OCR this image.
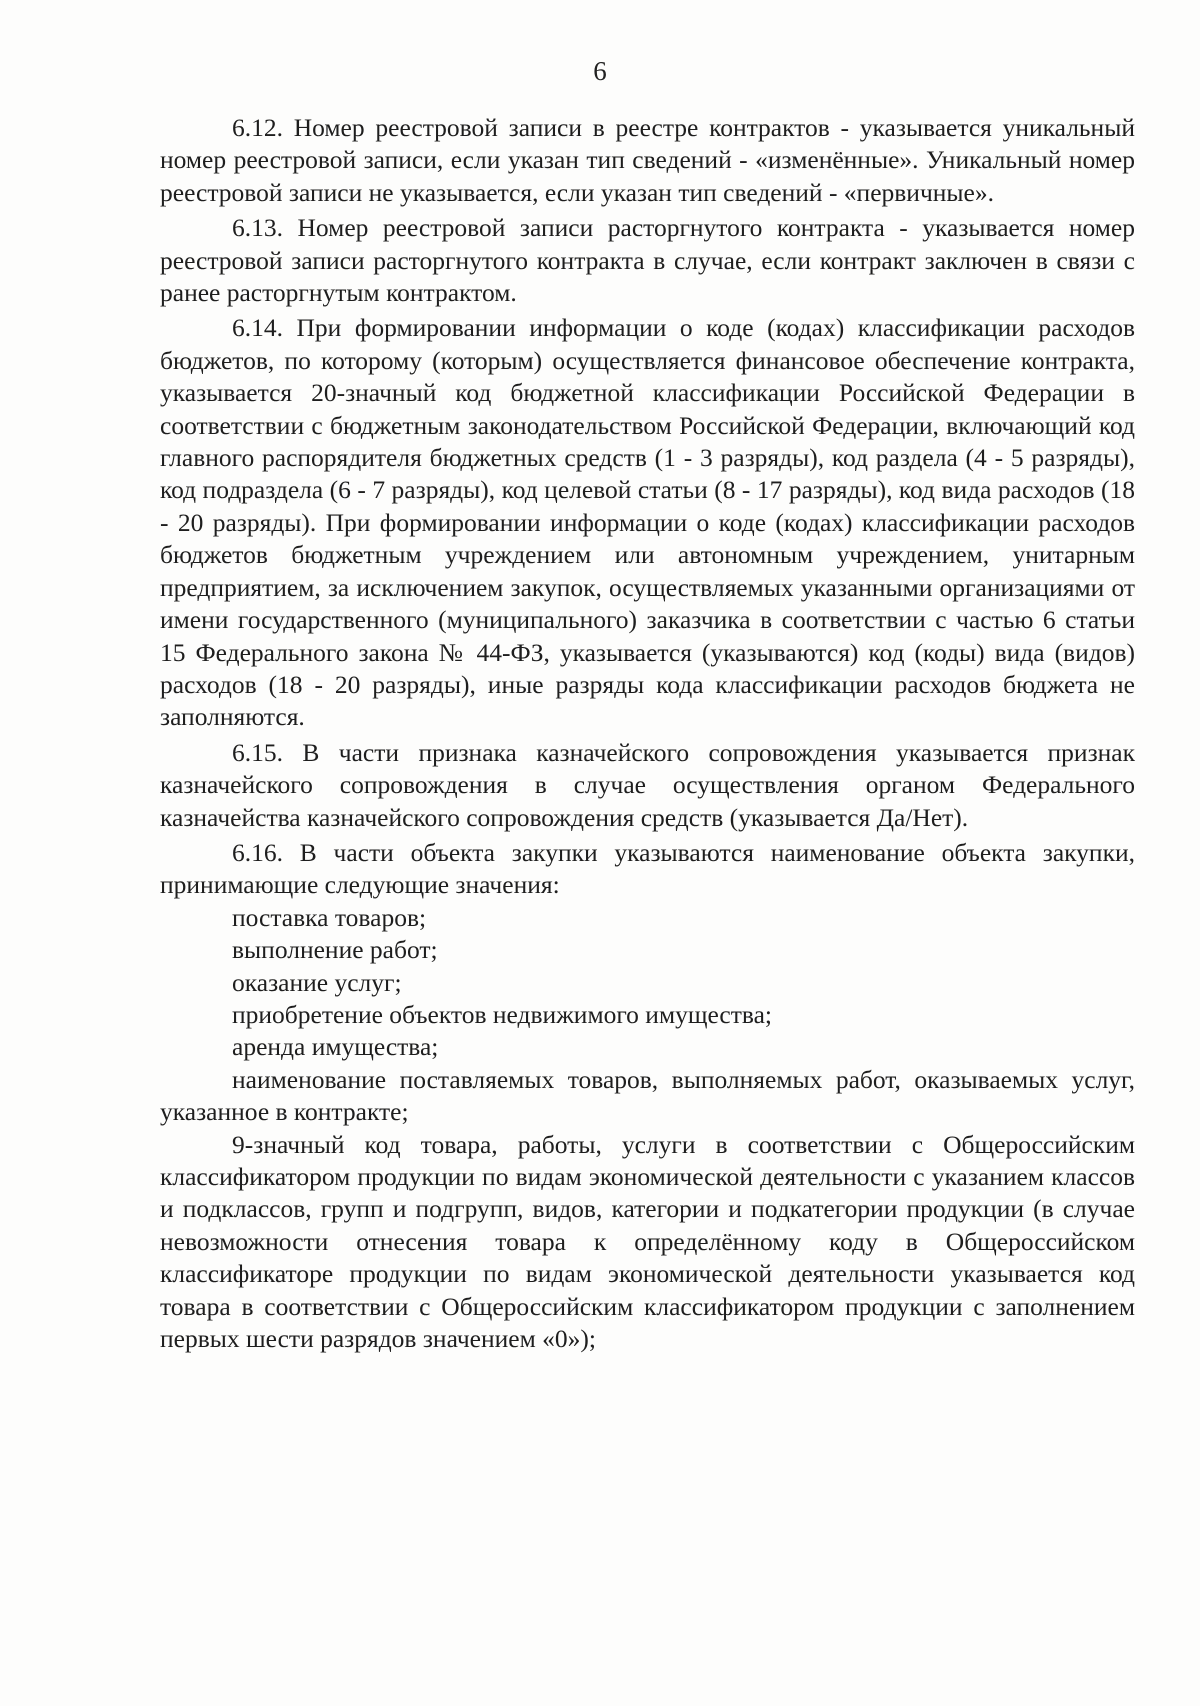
6

6.12. Номер реестровой записи в реестре контрактов - указывается уникальный номер реестровой записи, если указан тип сведений - «изменённые». Уникальный номер реестровой записи не указывается, если указан тип сведений - «первичные».

6.13. Номер реестровой записи расторгнутого контракта - указывается номер реестровой записи расторгнутого контракта в случае, если контракт заключен в связи с ранее расторгнутым контрактом.

6.14. При формировании информации о коде (кодах) классификации расходов бюджетов, по которому (которым) осуществляется финансовое обеспечение контракта, указывается 20-значный код бюджетной классификации Российской Федерации в соответствии с бюджетным законодательством Российской Федерации, включающий код главного распорядителя бюджетных средств (1 - 3 разряды), код раздела (4 - 5 разряды), код подраздела (6 - 7 разряды), код целевой статьи (8 - 17 разряды), код вида расходов (18 - 20 разряды). При формировании информации о коде (кодах) классификации расходов бюджетов бюджетным учреждением или автономным учреждением, унитарным предприятием, за исключением закупок, осуществляемых указанными организациями от имени государственного (муниципального) заказчика в соответствии с частью 6 статьи 15 Федерального закона № 44-ФЗ, указывается (указываются) код (коды) вида (видов) расходов (18 - 20 разряды), иные разряды кода классификации расходов бюджета не заполняются.

6.15. В части признака казначейского сопровождения указывается признак казначейского сопровождения в случае осуществления органом Федерального казначейства казначейского сопровождения средств (указывается Да/Нет).

6.16. В части объекта закупки указываются наименование объекта закупки, принимающие следующие значения:

поставка товаров;

выполнение работ;

оказание услуг;

приобретение объектов недвижимого имущества;

аренда имущества;

наименование поставляемых товаров, выполняемых работ, оказываемых услуг, указанное в контракте;

9-значный код товара, работы, услуги в соответствии с Общероссийским классификатором продукции по видам экономической деятельности с указанием классов и подклассов, групп и подгрупп, видов, категории и подкатегории продукции (в случае невозможности отнесения товара к определённому коду в Общероссийском классификаторе продукции по видам экономической деятельности указывается код товара в соответствии с Общероссийским классификатором продукции с заполнением первых шести разрядов значением «0»);
